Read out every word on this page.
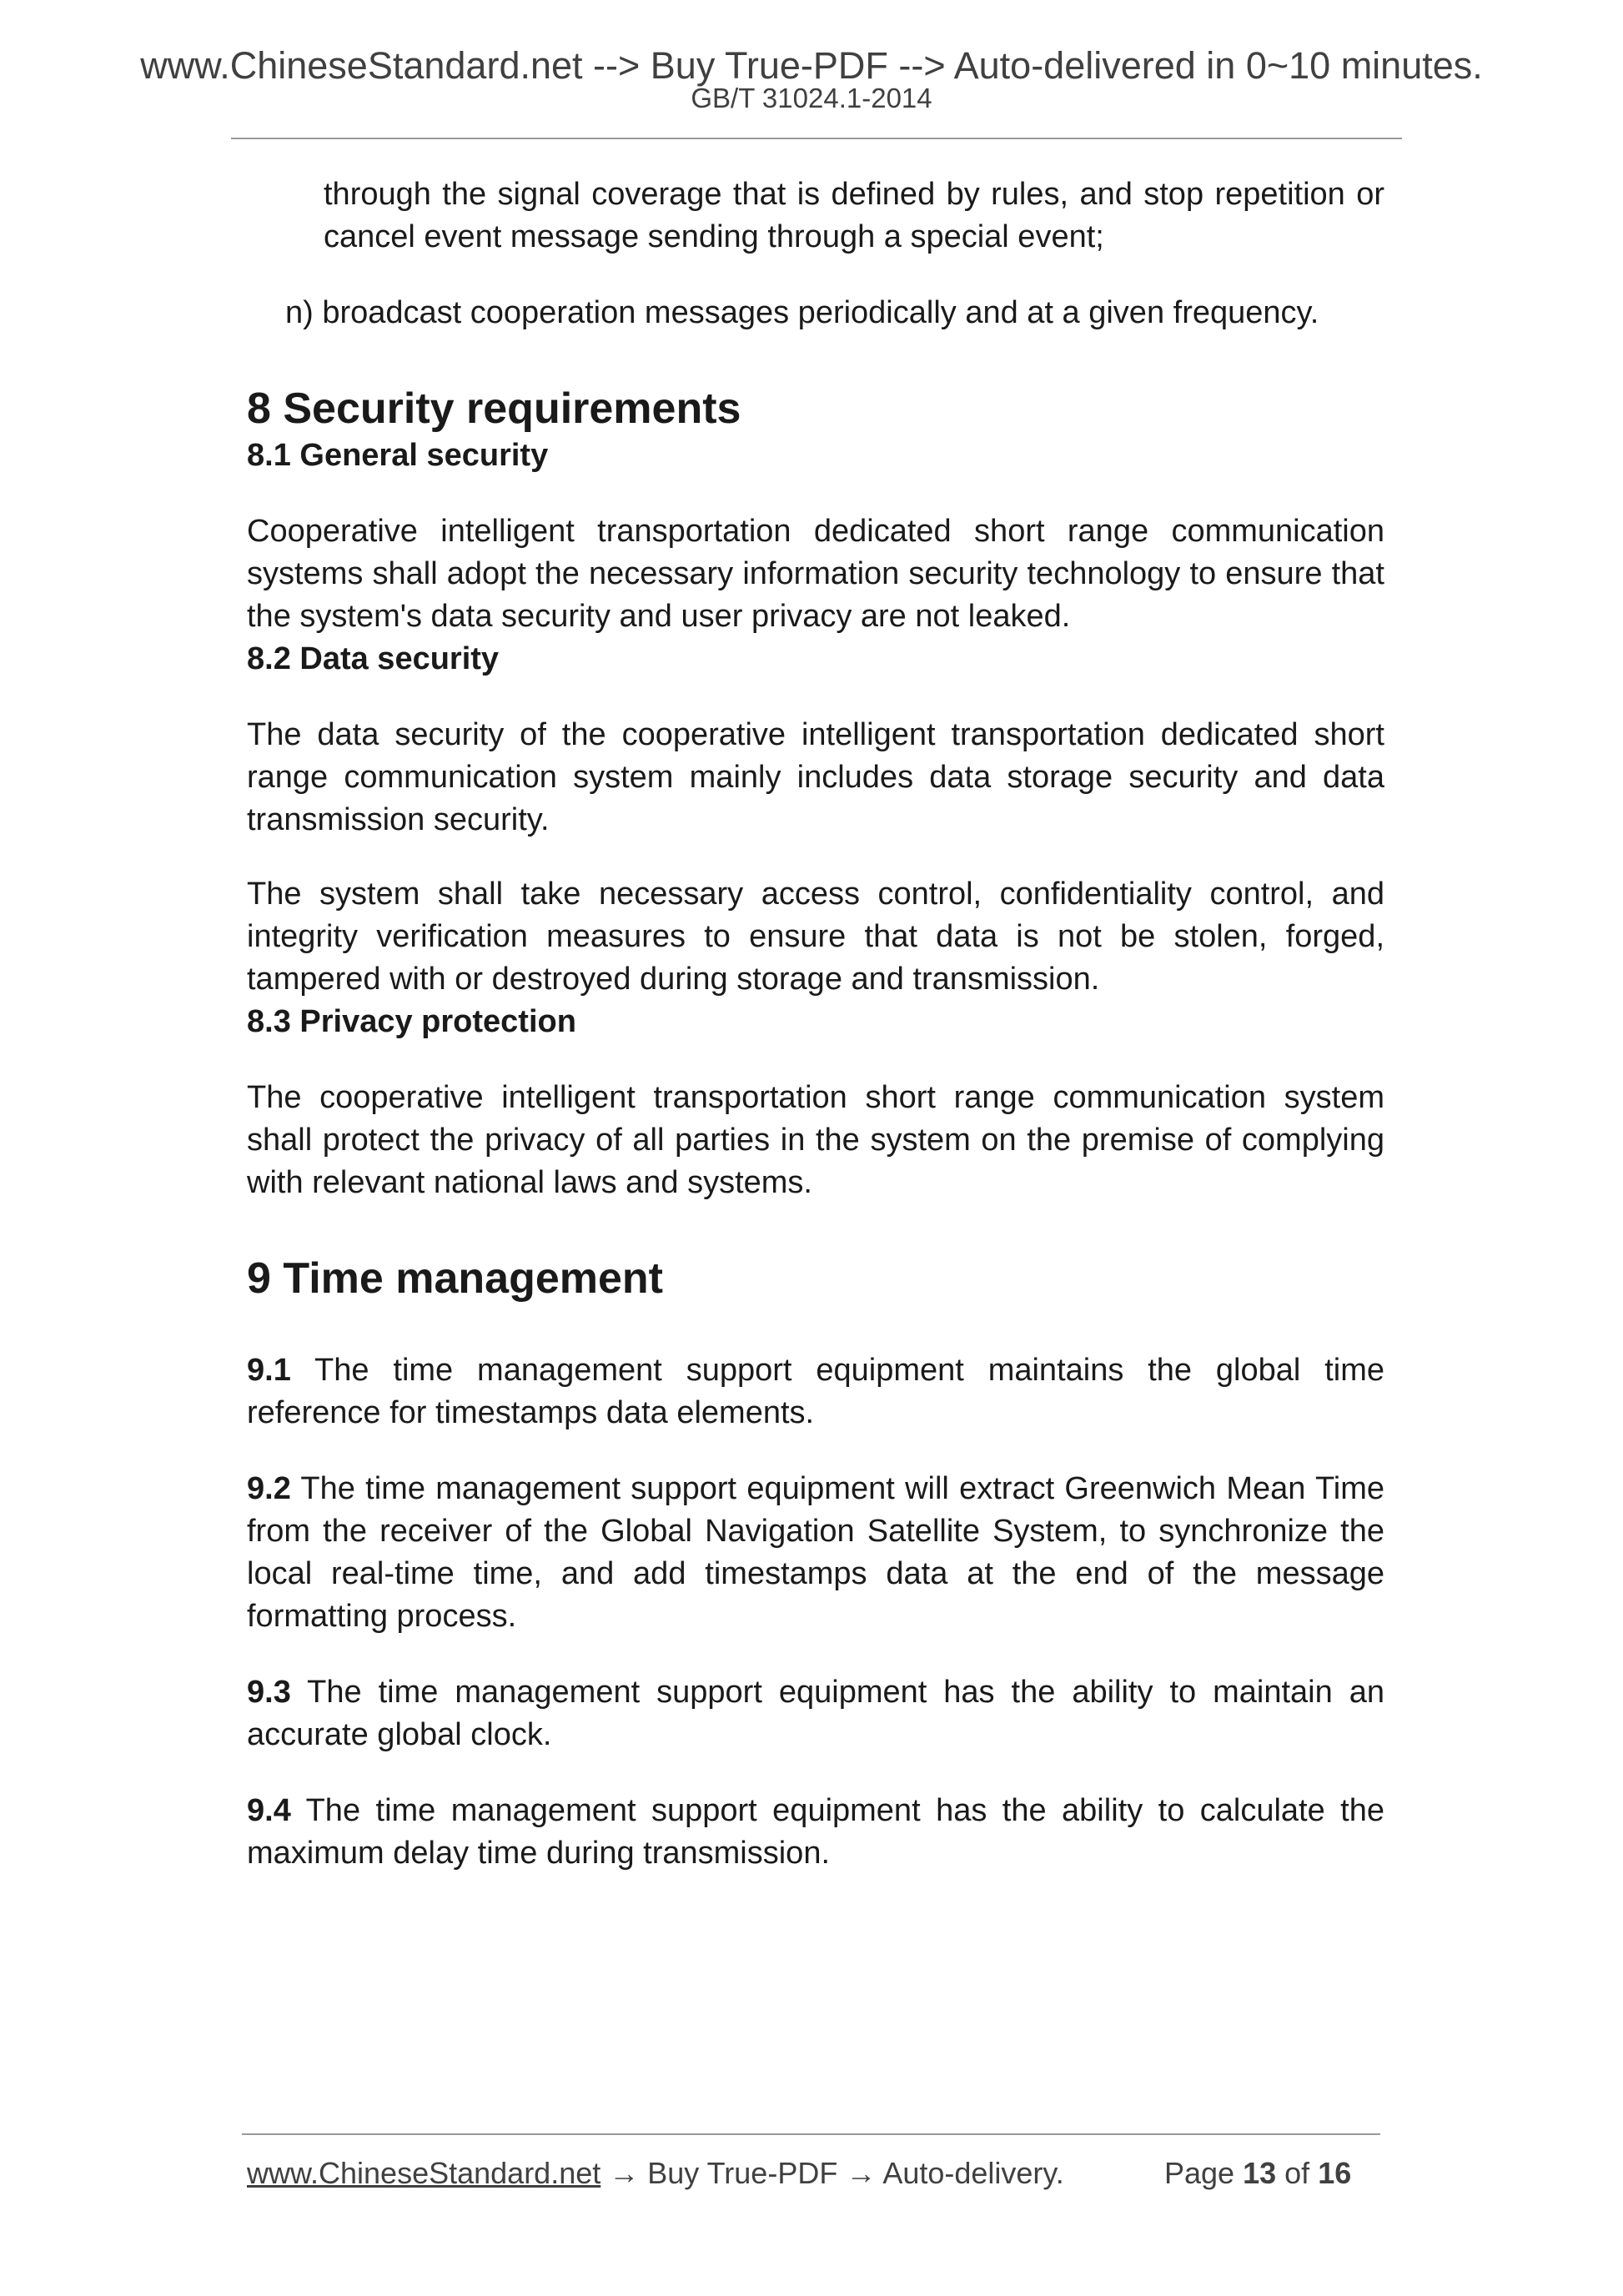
www.ChineseStandard.net --> Buy True-PDF --> Auto-delivered in 0~10 minutes.
GB/T 31024.1-2014

through the signal coverage that is defined by rules, and stop repetition or cancel event message sending through a special event;

n) broadcast cooperation messages periodically and at a given frequency.
8 Security requirements
8.1 General security

Cooperative intelligent transportation dedicated short range communication systems shall adopt the necessary information security technology to ensure that the system's data security and user privacy are not leaked.

8.2 Data security

The data security of the cooperative intelligent transportation dedicated short range communication system mainly includes data storage security and data transmission security.

The system shall take necessary access control, confidentiality control, and integrity verification measures to ensure that data is not be stolen, forged, tampered with or destroyed during storage and transmission.

8.3 Privacy protection

The cooperative intelligent transportation short range communication system shall protect the privacy of all parties in the system on the premise of complying with relevant national laws and systems.

9 Time management

9.1 The time management support equipment maintains the global time reference for timestamps data elements.

9.2 The time management support equipment will extract Greenwich Mean Time from the receiver of the Global Navigation Satellite System, to synchronize the local real-time time, and add timestamps data at the end of the message formatting process.

9.3 The time management support equipment has the ability to maintain an accurate global clock.

9.4 The time management support equipment has the ability to calculate the maximum delay time during transmission.

www.ChineseStandard.net → Buy True-PDF → Auto-delivery.	Page 13 of 16
